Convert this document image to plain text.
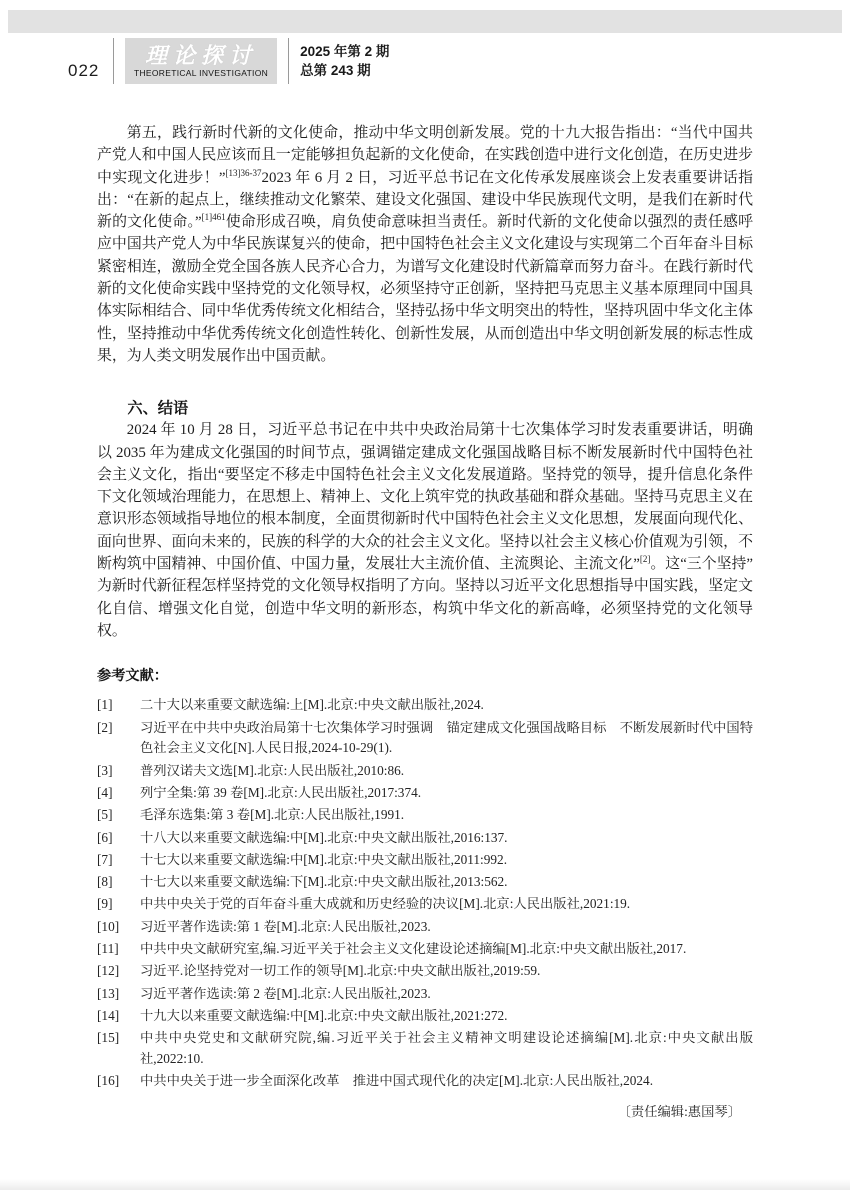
022
理论探讨
THEORETICAL INVESTIGATION
2025 年第 2 期
总第 243 期

第五，践行新时代新的文化使命，推动中华文明创新发展。党的十九大报告指出：“当代中国共产党人和中国人民应该而且一定能够担负起新的文化使命，在实践创造中进行文化创造，在历史进步中实现文化进步！”$^{[13]36-37}$2023 年 6 月 2 日，习近平总书记在文化传承发展座谈会上发表重要讲话指出：“在新的起点上，继续推动文化繁荣、建设文化强国、建设中华民族现代文明，是我们在新时代新的文化使命。”$^{[1]461}$使命形成召唤，肩负使命意味担当责任。新时代新的文化使命以强烈的责任感呼应中国共产党人为中华民族谋复兴的使命，把中国特色社会主义文化建设与实现第二个百年奋斗目标紧密相连，激励全党全国各族人民齐心合力，为谱写文化建设时代新篇章而努力奋斗。在践行新时代新的文化使命实践中坚持党的文化领导权，必须坚持守正创新，坚持把马克思主义基本原理同中国具体实际相结合、同中华优秀传统文化相结合，坚持弘扬中华文明突出的特性，坚持巩固中华文化主体性，坚持推动中华优秀传统文化创造性转化、创新性发展，从而创造出中华文明创新发展的标志性成果，为人类文明发展作出中国贡献。

六、结语

2024 年 10 月 28 日，习近平总书记在中共中央政治局第十七次集体学习时发表重要讲话，明确以 2035 年为建成文化强国的时间节点，强调锚定建成文化强国战略目标不断发展新时代中国特色社会主义文化，指出“要坚定不移走中国特色社会主义文化发展道路。坚持党的领导，提升信息化条件下文化领域治理能力，在思想上、精神上、文化上筑牢党的执政基础和群众基础。坚持马克思主义在意识形态领域指导地位的根本制度，全面贯彻新时代中国特色社会主义文化思想，发展面向现代化、面向世界、面向未来的，民族的科学的大众的社会主义文化。坚持以社会主义核心价值观为引领，不断构筑中国精神、中国价值、中国力量，发展壮大主流价值、主流舆论、主流文化”[2]。这“三个坚持”为新时代新征程怎样坚持党的文化领导权指明了方向。坚持以习近平文化思想指导中国实践，坚定文化自信、增强文化自觉，创造中华文明的新形态，构筑中华文化的新高峰，必须坚持党的文化领导权。

参考文献：
[1]	二十大以来重要文献选编:上[M].北京:中央文献出版社,2024.
[2]	习近平在中共中央政治局第十七次集体学习时强调　锚定建成文化强国战略目标　不断发展新时代中国特色社会主义文化[N].人民日报,2024-10-29(1).
[3]	普列汉诺夫文选[M].北京:人民出版社,2010:86.
[4]	列宁全集:第 39 卷[M].北京:人民出版社,2017:374.
[5]	毛泽东选集:第 3 卷[M].北京:人民出版社,1991.
[6]	十八大以来重要文献选编:中[M].北京:中央文献出版社,2016:137.
[7]	十七大以来重要文献选编:中[M].北京:中央文献出版社,2011:992.
[8]	十七大以来重要文献选编:下[M].北京:中央文献出版社,2013:562.
[9]	中共中央关于党的百年奋斗重大成就和历史经验的决议[M].北京:人民出版社,2021:19.
[10]	习近平著作选读:第 1 卷[M].北京:人民出版社,2023.
[11]	中共中央文献研究室,编.习近平关于社会主义文化建设论述摘编[M].北京:中央文献出版社,2017.
[12]	习近平.论坚持党对一切工作的领导[M].北京:中央文献出版社,2019:59.
[13]	习近平著作选读:第 2 卷[M].北京:人民出版社,2023.
[14]	十九大以来重要文献选编:中[M].北京:中央文献出版社,2021:272.
[15]	中共中央党史和文献研究院,编.习近平关于社会主义精神文明建设论述摘编[M].北京:中央文献出版社,2022:10.
[16]	中共中央关于进一步全面深化改革　推进中国式现代化的决定[M].北京:人民出版社,2024.
〔责任编辑:惠国琴〕
